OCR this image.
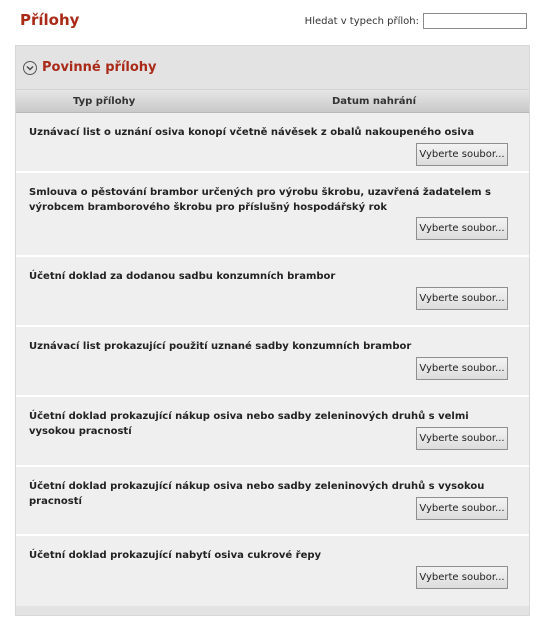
Přílohy	Hledat v typech příloh:
Povinné přílohy
Typ přílohy	Datum nahrání
Uznávací list o uznání osiva konopí včetně návěsek z obalů nakoupeného osiva
Vyberte soubor...
Smlouva o pěstování brambor určených pro výrobu škrobu, uzavřená žadatelem s výrobcem bramborového škrobu pro příslušný hospodářský rok
Vyberte soubor...
Účetní doklad za dodanou sadbu konzumních brambor
Vyberte soubor...
Uznávací list prokazující použití uznané sadby konzumních brambor
Vyberte soubor...
Účetní doklad prokazující nákup osiva nebo sadby zeleninových druhů s velmi vysokou pracností
Vyberte soubor...
Účetní doklad prokazující nákup osiva nebo sadby zeleninových druhů s vysokou pracností
Vyberte soubor...
Účetní doklad prokazující nabytí osiva cukrové řepy
Vyberte soubor...
